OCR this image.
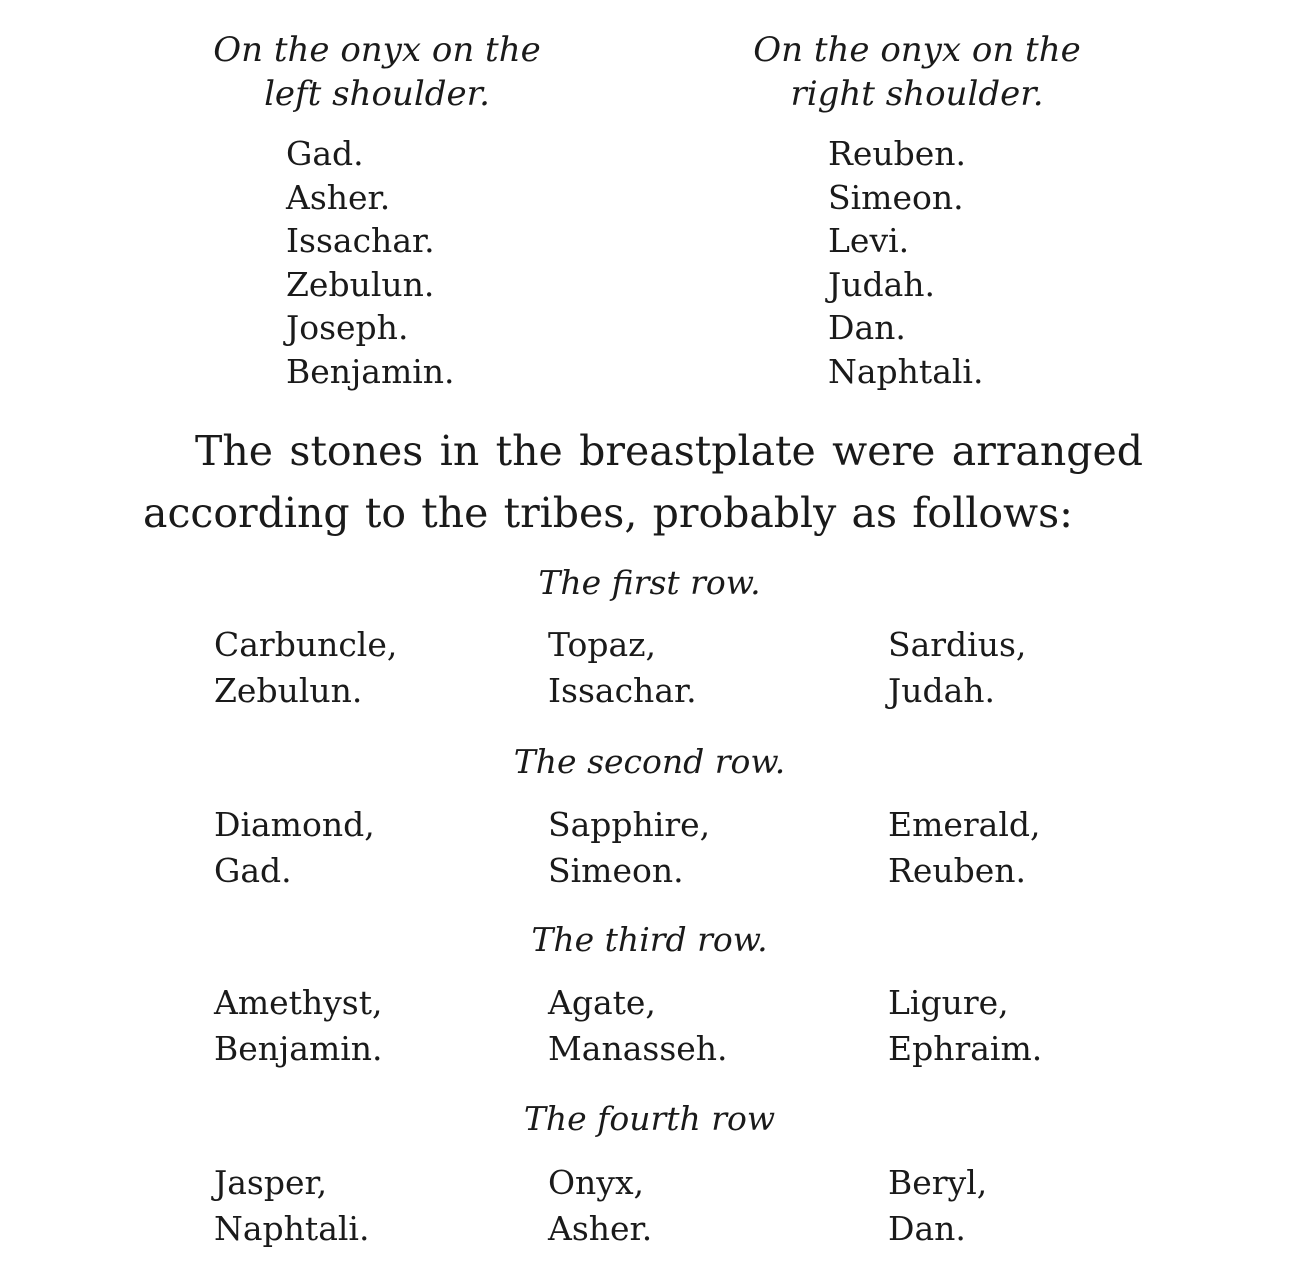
On the onyx on the
left shoulder.
On the onyx on the
right shoulder.
Gad.
Asher.
Issachar.
Zebulun.
Joseph.
Benjamin.
Reuben.
Simeon.
Levi.
Judah.
Dan.
Naphtali.
The stones in the breastplate were arranged
according to the tribes, probably as follows:
The first row.
Carbuncle,
Zebulun.
Topaz,
Issachar.
Sardius,
Judah.
The second row.
Diamond,
Gad.
Sapphire,
Simeon.
Emerald,
Reuben.
The third row.
Amethyst,
Benjamin.
Agate,
Manasseh.
Ligure,
Ephraim.
The fourth row
Jasper,
Naphtali.
Onyx,
Asher.
Beryl,
Dan.
